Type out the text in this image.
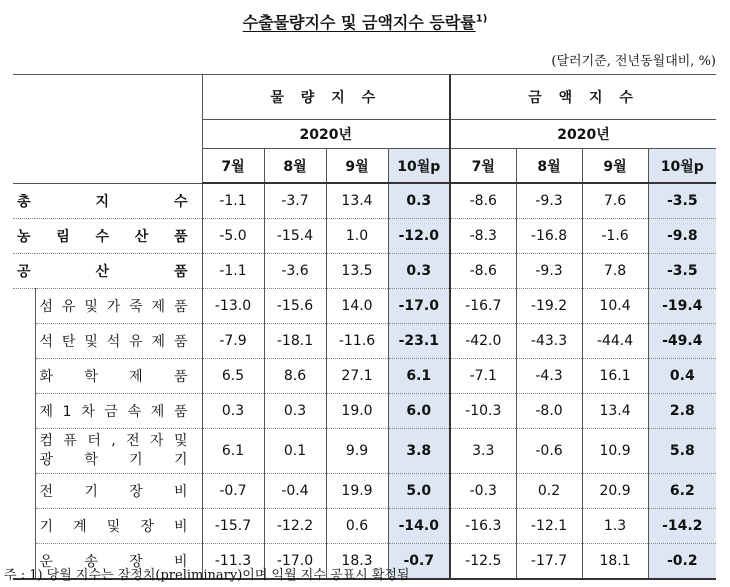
수출물량지수 및 금액지수 등락률$^{1)}$
(달러기준, 전년동월대비, %)
		물 량 지 수				금 액 지 수			
		2020년				2020년			
		7월	8월	9월	10월p	7월	8월	9월	10월p
총 지 수		-1.1	-3.7	13.4	0.3	-8.6	-9.3	7.6	-3.5
농 림 수 산 품		-5.0	-15.4	1.0	-12.0	-8.3	-16.8	-1.6	-9.8
공 산 품		-1.1	-3.6	13.5	0.3	-8.6	-9.3	7.8	-3.5
	섬 유 및 가 죽 제 품	-13.0	-15.6	14.0	-17.0	-16.7	-19.2	10.4	-19.4
	석 탄 및 석 유 제 품	-7.9	-18.1	-11.6	-23.1	-42.0	-43.3	-44.4	-49.4
	화 학 제 품	6.5	8.6	27.1	6.1	-7.1	-4.3	16.1	0.4
	제 1 차 금 속 제 품	0.3	0.3	19.0	6.0	-10.3	-8.0	13.4	2.8

	컴 퓨 터 , 전 자 및
광 학 기 기	6.1	0.1	9.9	3.8	3.3	-0.6	10.9	5.8
	전 기 장 비	-0.7	-0.4	19.9	5.0	-0.3	0.2	20.9	6.2
	기 계 및 장 비	-15.7	-12.2	0.6	-14.0	-16.3	-12.1	1.3	-14.2
	운 송 장 비	-11.3	-17.0	18.3	-0.7	-12.5	-17.7	18.1	-0.2
주 : 1) 당월 지수는 잠정치(preliminary)이며 익월 지수 공표시 확정됨
